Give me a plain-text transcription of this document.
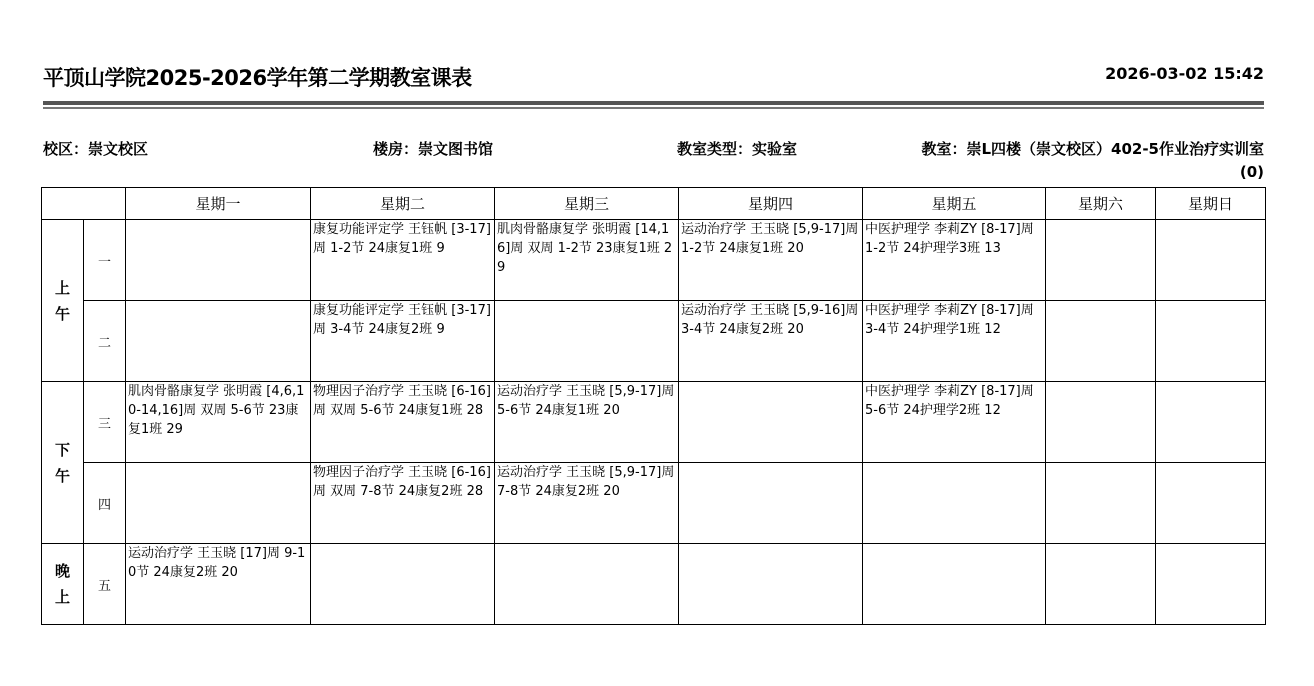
平顶山学院2025-2026学年第二学期教室课表	2026-03-02 15:42
校区：崇文校区	楼房：崇文图书馆	教室类型：实验室	教室：崇L四楼（崇文校区）402-5作业治疗实训室(0)
		星期一	星期二	星期三	星期四	星期五	星期六	星期日
上午	一		康复功能评定学 王钰帆 [3-17]周 1-2节 24康复1班 9	肌肉骨骼康复学 张明霞 [14,16]周 双周 1-2节 23康复1班 29	运动治疗学 王玉晓 [5,9-17]周 1-2节 24康复1班 20	中医护理学 李莉ZY [8-17]周 1-2节 24护理学3班 13		
	二		康复功能评定学 王钰帆 [3-17]周 3-4节 24康复2班 9		运动治疗学 王玉晓 [5,9-16]周 3-4节 24康复2班 20	中医护理学 李莉ZY [8-17]周 3-4节 24护理学1班 12		
下午	三	肌肉骨骼康复学 张明霞 [4,6,10-14,16]周 双周 5-6节 23康复1班 29	物理因子治疗学 王玉晓 [6-16]周 双周 5-6节 24康复1班 28	运动治疗学 王玉晓 [5,9-17]周 5-6节 24康复1班 20		中医护理学 李莉ZY [8-17]周 5-6节 24护理学2班 12		
	四		物理因子治疗学 王玉晓 [6-16]周 双周 7-8节 24康复2班 28	运动治疗学 王玉晓 [5,9-17]周 7-8节 24康复2班 20				
晚上	五	运动治疗学 王玉晓 [17]周 9-10节 24康复2班 20						
